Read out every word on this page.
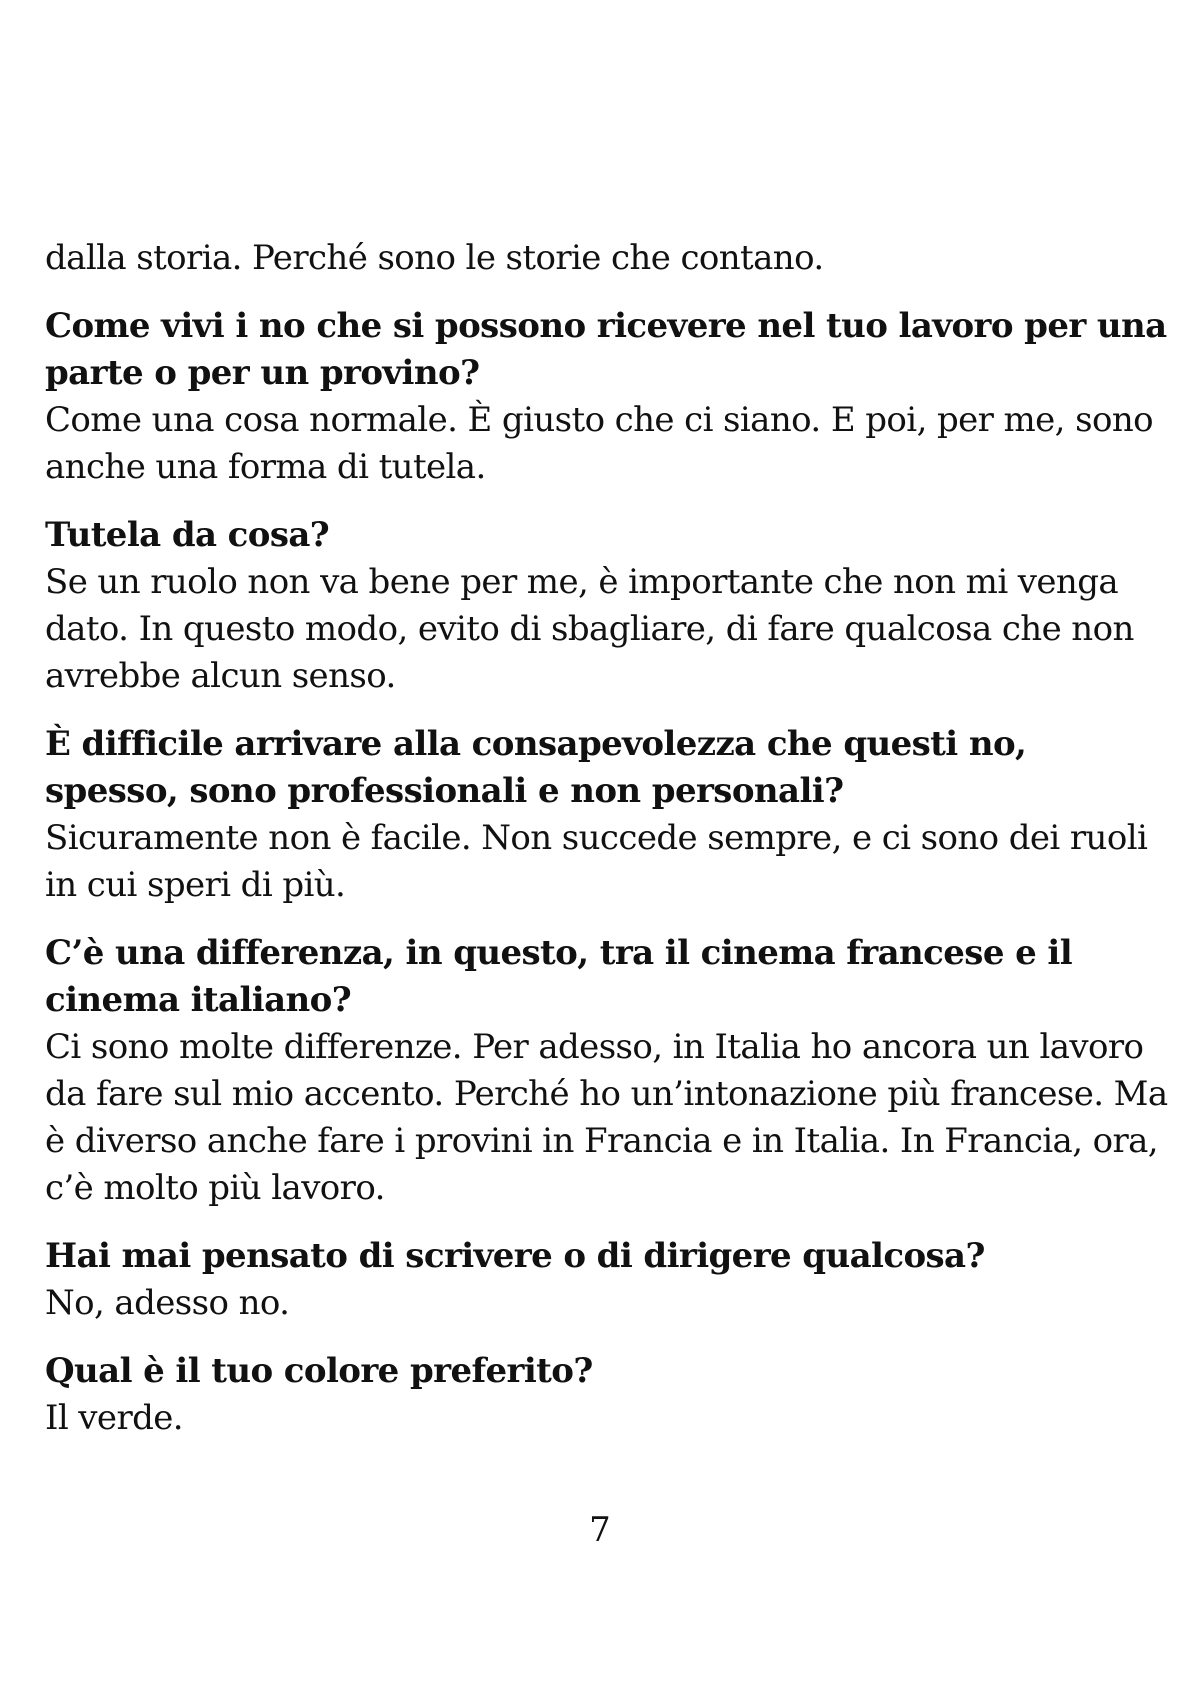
dalla storia. Perché sono le storie che contano.

Come vivi i no che si possono ricevere nel tuo lavoro per una parte o per un provino?

Come una cosa normale. È giusto che ci siano. E poi, per me, sono anche una forma di tutela.

Tutela da cosa?

Se un ruolo non va bene per me, è importante che non mi venga dato. In questo modo, evito di sbagliare, di fare qualcosa che non avrebbe alcun senso.

È difficile arrivare alla consapevolezza che questi no, spesso, sono professionali e non personali?

Sicuramente non è facile. Non succede sempre, e ci sono dei ruoli in cui speri di più.

C’è una differenza, in questo, tra il cinema francese e il cinema italiano?

Ci sono molte differenze. Per adesso, in Italia ho ancora un lavoro da fare sul mio accento. Perché ho un’intonazione più francese. Ma è diverso anche fare i provini in Francia e in Italia. In Francia, ora, c’è molto più lavoro.

Hai mai pensato di scrivere o di dirigere qualcosa?

No, adesso no.

Qual è il tuo colore preferito?

Il verde.

7
